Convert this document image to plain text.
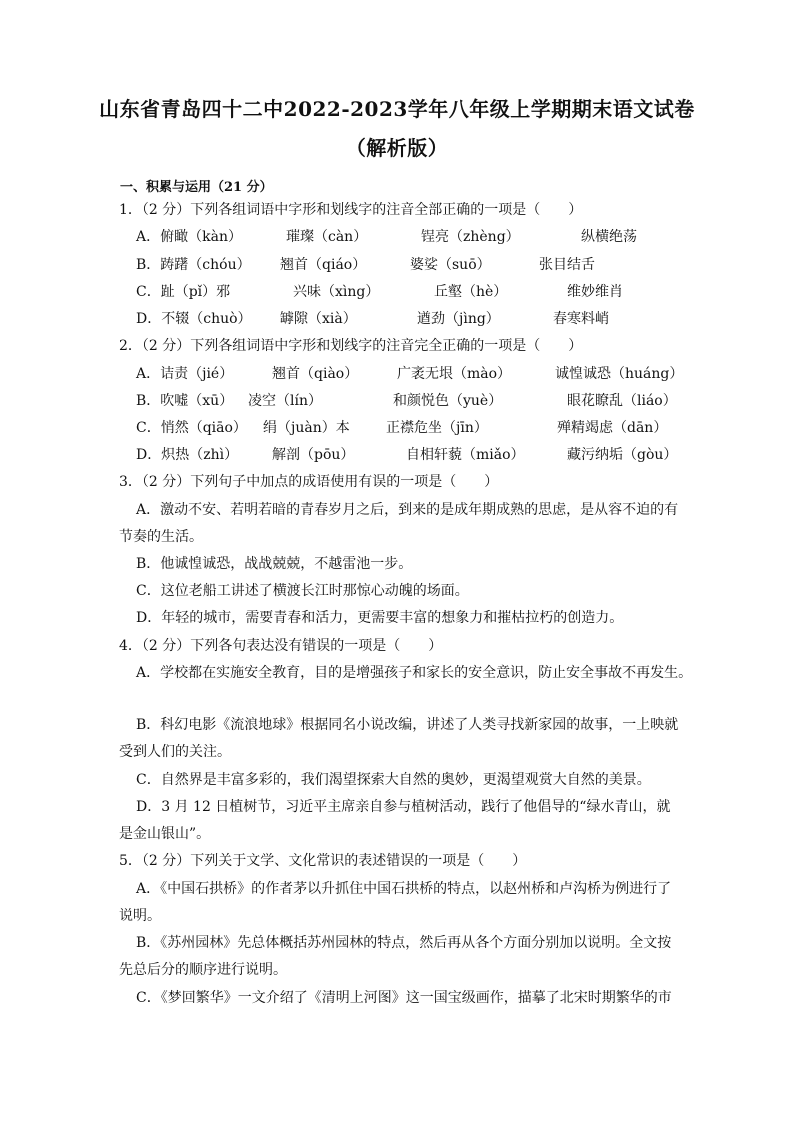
山东省青岛四十二中2022-2023学年八年级上学期期末语文试卷
（解析版）
一、积累与运用（21 分）
1．（2 分）下列各组词语中字形和划线字的注音全部正确的一项是（　　）
A．俯瞰（kàn）	璀璨（càn）	锃亮（zhèng）	纵横绝荡
B．踌躇（chóu） 翘首（qiáo）	婆娑（suō）	张目结舌
C．趾（pǐ）邪	兴味（xìng）	丘壑（hè）	维妙维肖
D．不辍（chuò） 罅隙（xià）	遒劲（jìng）	春寒料峭
2．（2 分）下列各组词语中字形和划线字的注音完全正确的一项是（　　）
A．诘责（jié）	翘首（qiào）	广袤无垠（mào）	诚惶诚恐（huáng）
B．吹嘘（xū） 凌空（lín）	和颜悦色（yuè）	眼花瞭乱（liáo）
C．悄然（qiāo） 绢（juàn）本	正襟危坐（jīn）	殚精竭虑（dān）
D．炽热（zhì） 解剖（pōu）	自相轩藐（miǎo）	藏污纳垢（gòu）
3．（2 分）下列句子中加点的成语使用有误的一项是（　　）
A．激动不安、若明若暗的青春岁月之后，到来的是成年期成熟的思虑，是从容不迫的有
节奏的生活。
B．他诚惶诚恐，战战兢兢，不越雷池一步。
C．这位老船工讲述了横渡长江时那惊心动魄的场面。
D．年轻的城市，需要青春和活力，更需要丰富的想象力和摧枯拉朽的创造力。
4．（2 分）下列各句表达没有错误的一项是（　　）
A．学校都在实施安全教育，目的是增强孩子和家长的安全意识，防止安全事故不再发生。
B．科幻电影《流浪地球》根据同名小说改编，讲述了人类寻找新家园的故事，一上映就
受到人们的关注。
C．自然界是丰富多彩的，我们渴望探索大自然的奥妙，更渴望观赏大自然的美景。
D．3 月 12 日植树节，习近平主席亲自参与植树活动，践行了他倡导的“绿水青山，就
是金山银山”。
5．（2 分）下列关于文学、文化常识的表述错误的一项是（　　）
A．《中国石拱桥》的作者茅以升抓住中国石拱桥的特点，以赵州桥和卢沟桥为例进行了
说明。
B．《苏州园林》先总体概括苏州园林的特点，然后再从各个方面分别加以说明。全文按
先总后分的顺序进行说明。
C．《梦回繁华》一文介绍了《清明上河图》这一国宝级画作，描摹了北宋时期繁华的市
